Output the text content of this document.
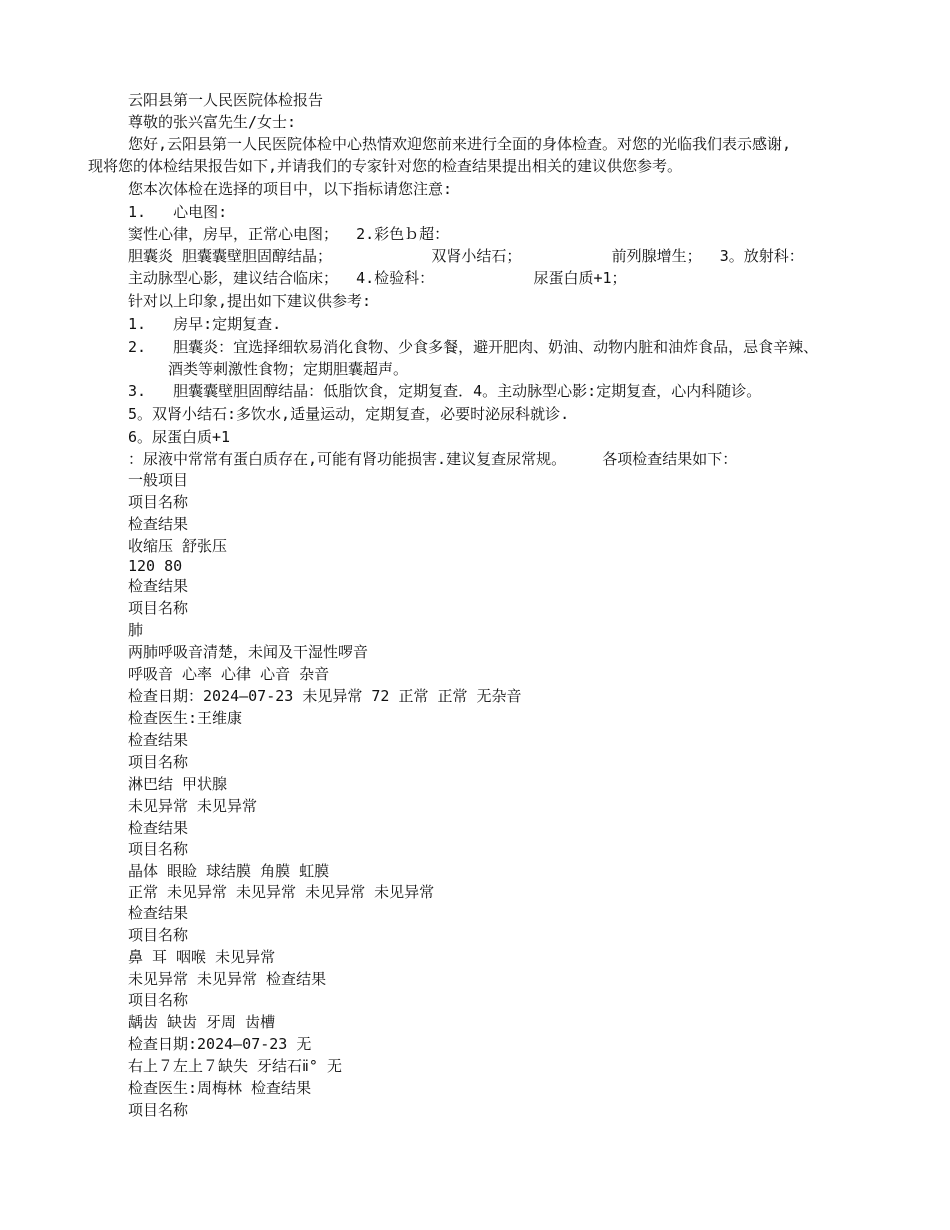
云阳县第一人民医院体检报告
尊敬的张兴富先生/女士:
您好,云阳县第一人民医院体检中心热情欢迎您前来进行全面的身体检查。对您的光临我们表示感谢,
现将您的体检结果报告如下,并请我们的专家针对您的检查结果提出相关的建议供您参考。
您本次体检在选择的项目中，以下指标请您注意:
1.   心电图:
窦性心律，房早，正常心电图；  2.彩色ｂ超：
胆囊炎 胆囊囊壁胆固醇结晶；           双肾小结石；          前列腺增生；  3。放射科：
主动脉型心影，建议结合临床；  4.检验科：           尿蛋白质+1；
针对以上印象,提出如下建议供参考:
1.   房早:定期复查.
2.   胆囊炎：宜选择细软易消化食物、少食多餐，避开肥肉、奶油、动物内脏和油炸食品，忌食辛辣、
酒类等刺激性食物；定期胆囊超声。
3.   胆囊囊壁胆固醇结晶：低脂饮食，定期复查．4。主动脉型心影:定期复查，心内科随诊。
5。双肾小结石:多饮水,适量运动，定期复查，必要时泌尿科就诊.
6。尿蛋白质+1
：尿液中常常有蛋白质存在,可能有肾功能损害.建议复查尿常规。    各项检查结果如下：
一般项目
项目名称
检查结果
收缩压 舒张压
120 80
检查结果
项目名称
肺
两肺呼吸音清楚，未闻及干湿性啰音
呼吸音 心率 心律 心音 杂音
检查日期：2024—07-23 未见异常 72 正常 正常 无杂音
检查医生:王维康
检查结果
项目名称
淋巴结 甲状腺
未见异常 未见异常
检查结果
项目名称
晶体 眼睑 球结膜 角膜 虹膜
正常 未见异常 未见异常 未见异常 未见异常
检查结果
项目名称
鼻 耳 咽喉 未见异常
未见异常 未见异常 检查结果
项目名称
龋齿 缺齿 牙周 齿槽
检查日期:2024—07-23 无
右上７左上７缺失 牙结石ⅱ° 无
检查医生:周梅林 检查结果
项目名称
